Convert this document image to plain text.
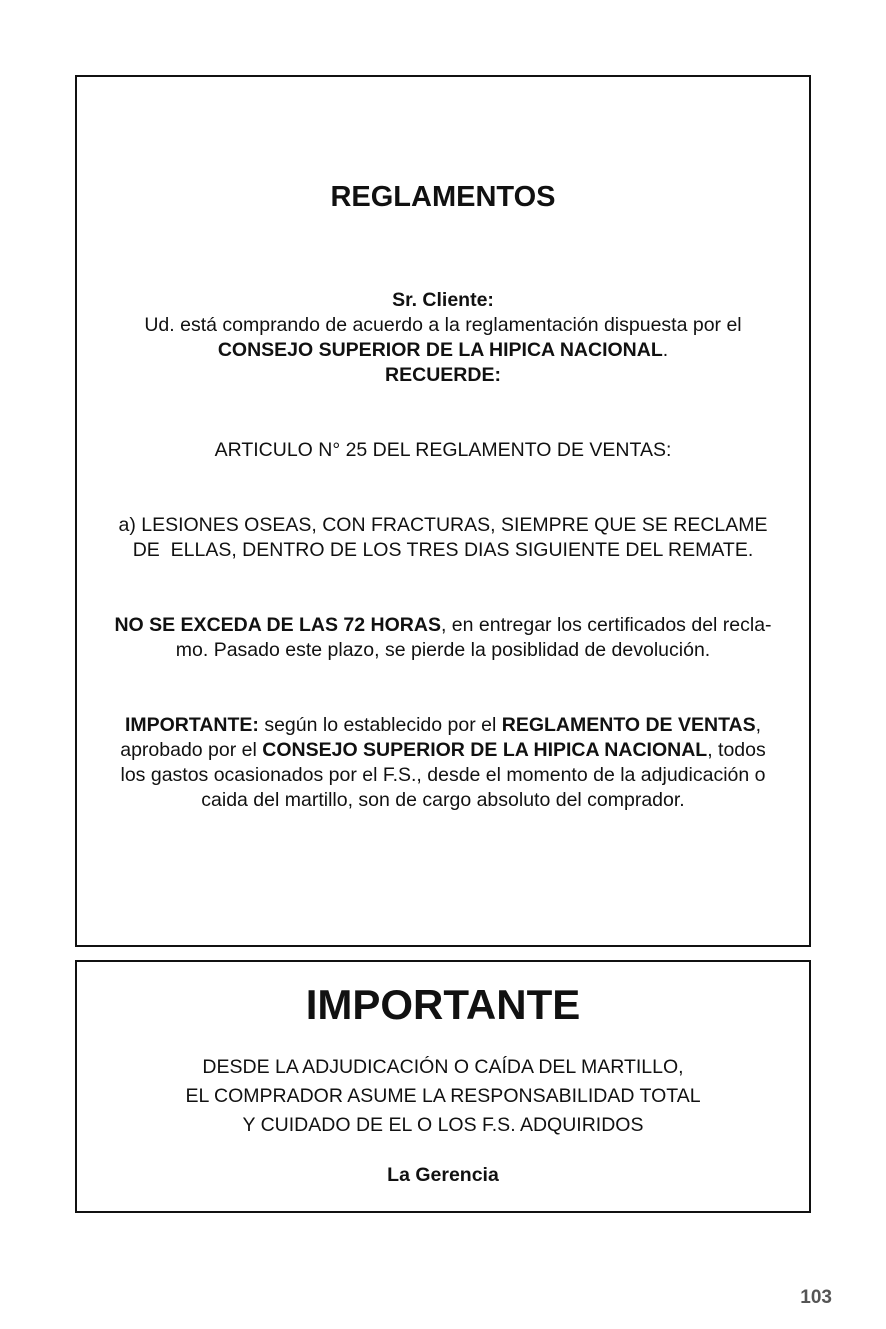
REGLAMENTOS
Sr. Cliente:
Ud. está comprando de acuerdo a la reglamentación dispuesta por el
CONSEJO SUPERIOR DE LA HIPICA NACIONAL.
RECUERDE:
ARTICULO N° 25 DEL REGLAMENTO DE VENTAS:
a) LESIONES OSEAS, CON FRACTURAS, SIEMPRE QUE SE RECLAME
DE  ELLAS, DENTRO DE LOS TRES DIAS SIGUIENTE DEL REMATE.
NO SE EXCEDA DE LAS 72 HORAS, en entregar los certificados del recla-
mo. Pasado este plazo, se pierde la posiblidad de devolución.
IMPORTANTE: según lo establecido por el REGLAMENTO DE VENTAS,
aprobado por el CONSEJO SUPERIOR DE LA HIPICA NACIONAL, todos
los gastos ocasionados por el F.S., desde el momento de la adjudicación o
caida del martillo, son de cargo absoluto del comprador.
IMPORTANTE
DESDE LA ADJUDICACIÓN O CAÍDA DEL MARTILLO,
EL COMPRADOR ASUME LA RESPONSABILIDAD TOTAL
Y CUIDADO DE EL O LOS F.S. ADQUIRIDOS
La Gerencia
103
